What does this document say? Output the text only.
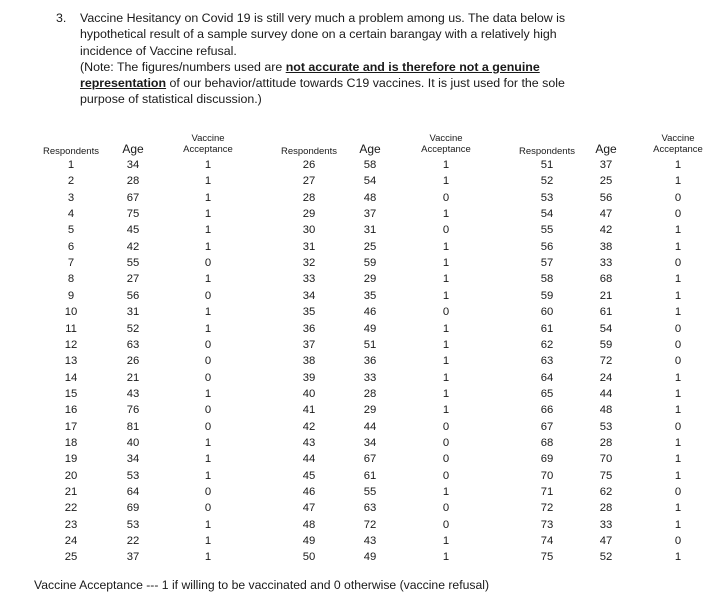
3. Vaccine Hesitancy on Covid 19 is still very much a problem among us. The data below is
hypothetical result of a sample survey done on a certain barangay with a relatively high
incidence of Vaccine refusal.
(Note: The figures/numbers used are not accurate and is therefore not a genuine
representation of our behavior/attitude towards C19 vaccines. It is just used for the sole
purpose of statistical discussion.)
Respondents
1
2
3
4
5
6
7
8
9
10
11
12
13
14
15
16
17
18
19
20
21
22
23
24
25
Age
34
28
67
75
45
42
55
27
56
31
52
63
26
21
43
76
81
40
34
53
64
69
53
22
37
Vaccine
Acceptance
1
1
1
1
1
1
0
1
0
1
1
0
0
0
1
0
0
1
1
1
0
0
1
1
1
Respondents
26
27
28
29
30
31
32
33
34
35
36
37
38
39
40
41
42
43
44
45
46
47
48
49
50
Age
58
54
48
37
31
25
59
29
35
46
49
51
36
33
28
29
44
34
67
61
55
63
72
43
49
Vaccine
Acceptance
1
1
0
1
0
1
1
1
1
0
1
1
1
1
1
1
0
0
0
0
1
0
0
1
1
Respondents
51
52
53
54
55
56
57
58
59
60
61
62
63
64
65
66
67
68
69
70
71
72
73
74
75
Age
37
25
56
47
42
38
33
68
21
61
54
59
72
24
44
48
53
28
70
75
62
28
33
47
52
Vaccine
Acceptance
1
1
0
0
1
1
0
1
1
1
0
0
0
1
1
1
0
1
1
1
0
1
1
0
1
Vaccine Acceptance --- 1 if willing to be vaccinated and 0 otherwise (vaccine refusal)
